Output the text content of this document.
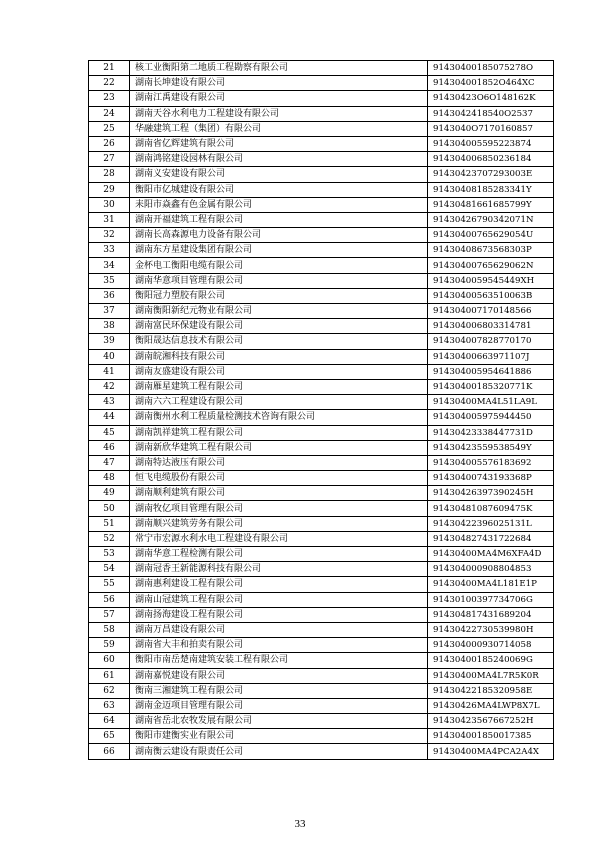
21	核工业衡阳第二地质工程勘察有限公司	91430400185075278O
22	湖南长坤建设有限公司	914304001852O464XC
23	湖南江禹建设有限公司	91430423O6O148162K
24	湖南天谷水利电力工程建设有限公司	9143042418540O2537
25	华融建筑工程（集团）有限公司	9143040O7170160857
26	湖南省亿辉建筑有限公司	914304005595223874
27	湖南鸿铭建设园林有限公司	914304006850236184
28	湖南义安建设有限公司	91430423707293003E
29	衡阳市亿城建设有限公司	91430408185283341Y
30	耒阳市焱鑫有色金属有限公司	91430481661685799Y
31	湖南开福建筑工程有限公司	91430426790342071N
32	湖南长高森源电力设备有限公司	91430400765629054U
33	湖南东方星建设集团有限公司	91430408673568303P
34	金杯电工衡阳电缆有限公司	91430400765629062N
35	湖南华意项目管理有限公司	9143040059545449XH
36	衡阳冠力塑胶有限公司	91430400563510063B
37	湖南衡阳新纪元物业有限公司	914304007170148566
38	湖南富民环保建设有限公司	914304006803314781
39	衡阳晟达信息技术有限公司	914304007828770170
40	湖南皖湘科技有限公司	91430400663971107J
41	湖南友盛建设有限公司	914304005954641886
42	湖南雁星建筑工程有限公司	91430400185320771K
43	湖南六六工程建设有限公司	91430400MA4L51LA9L
44	湖南衡州水利工程质量检测技术咨询有限公司	914304005975944450
45	湖南凯祥建筑工程有限公司	91430423338447731D
46	湖南新欣华建筑工程有限公司	91430423559538549Y
47	湖南特达液压有限公司	914304005576183692
48	恒飞电缆股份有限公司	91430400743193368P
49	湖南顺利建筑有限公司	91430426397390245H
50	湖南牧亿项目管理有限公司	91430481087609475K
51	湖南顺兴建筑劳务有限公司	91430422396025131L
52	常宁市宏源水利水电工程建设有限公司	914304827431722684
53	湖南华意工程检测有限公司	91430400MA4M6XFA4D
54	湖南冠香王新能源科技有限公司	914304000908804853
55	湖南惠利建设工程有限公司	91430400MA4L181E1P
56	湖南山冠建筑工程有限公司	91430100397734706G
57	湖南扬海建设工程有限公司	914304817431689204
58	湖南万昌建设有限公司	91430422730539980H
59	湖南省大丰和拍卖有限公司	914304000930714058
60	衡阳市南岳楚南建筑安装工程有限公司	91430400185240069G
61	湖南嘉悦建设有限公司	91430400MA4L7R5K0R
62	衡南三湘建筑工程有限公司	91430422185320958E
63	湖南金迈项目管理有限公司	91430426MA4LWP8X7L
64	湖南省岳北农牧发展有限公司	91430423567667252H
65	衡阳市建衡实业有限公司	914304001850017385
66	湖南衡云建设有限责任公司	91430400MA4PCA2A4X
33
